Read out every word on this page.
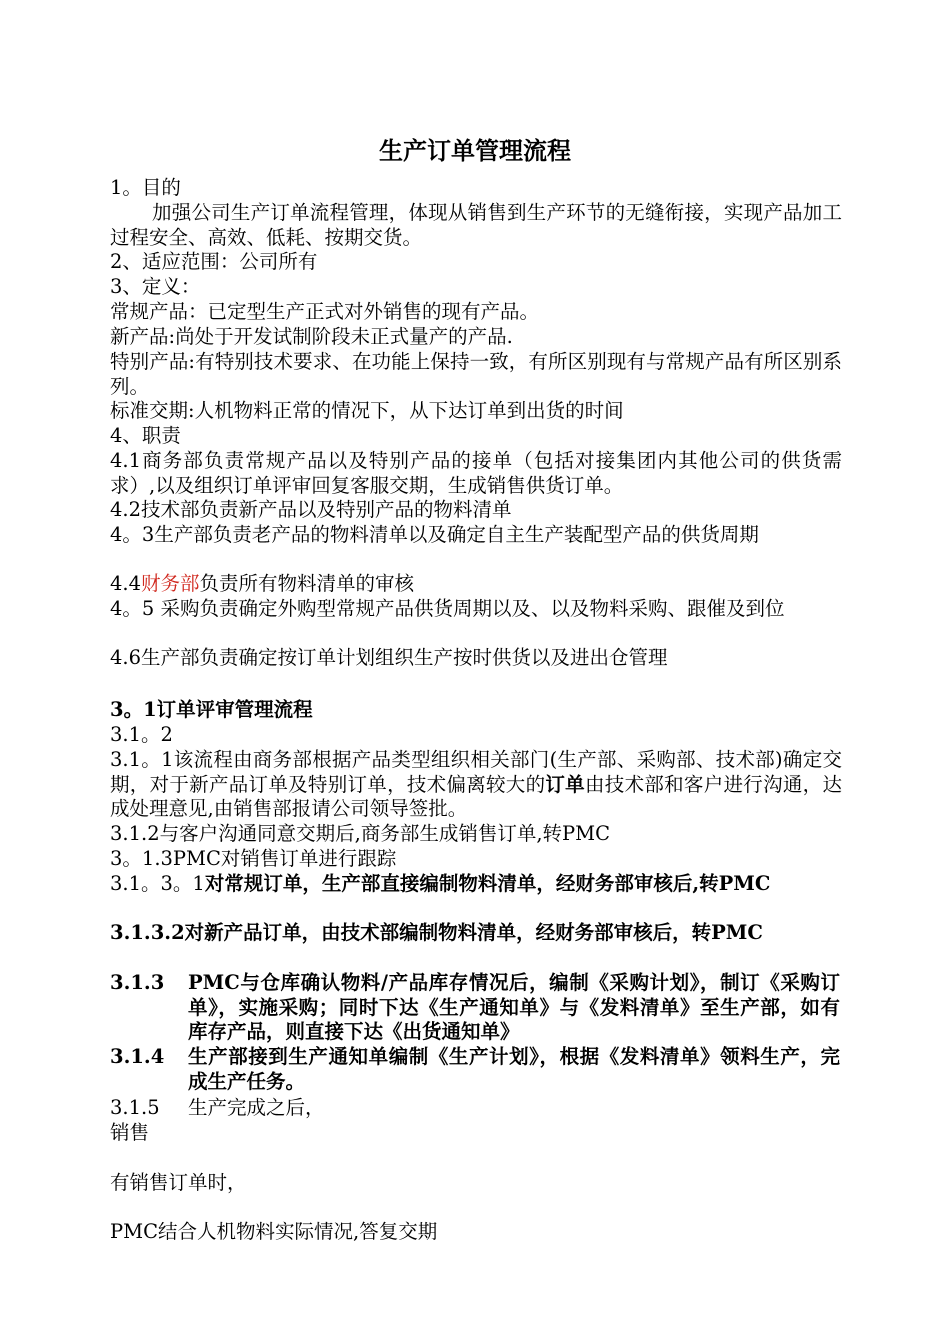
生产订单管理流程
1。目的
加强公司生产订单流程管理，体现从销售到生产环节的无缝衔接，实现产品加工过程安全、高效、低耗、按期交货。
2、适应范围：公司所有
3、定义：
常规产品：已定型生产正式对外销售的现有产品。
新产品:尚处于开发试制阶段未正式量产的产品.
特别产品:有特别技术要求、在功能上保持一致，有所区别现有与常规产品有所区别系列。
标准交期:人机物料正常的情况下，从下达订单到出货的时间
4、职责
4.1商务部负责常规产品以及特别产品的接单（包括对接集团内其他公司的供货需求）,以及组织订单评审回复客服交期，生成销售供货订单。
4.2技术部负责新产品以及特别产品的物料清单
4。3生产部负责老产品的物料清单以及确定自主生产装配型产品的供货周期
4.4财务部负责所有物料清单的审核
4。5 采购负责确定外购型常规产品供货周期以及、以及物料采购、跟催及到位
4.6生产部负责确定按订单计划组织生产按时供货以及进出仓管理
3。1订单评审管理流程
3.1。2
3.1。1该流程由商务部根据产品类型组织相关部门(生产部、采购部、技术部)确定交期，对于新产品订单及特别订单，技术偏离较大的订单由技术部和客户进行沟通，达成处理意见,由销售部报请公司领导签批。
3.1.2与客户沟通同意交期后,商务部生成销售订单,转PMC
3。1.3PMC对销售订单进行跟踪
3.1。3。1对常规订单，生产部直接编制物料清单，经财务部审核后,转PMC
3.1.3.2对新产品订单，由技术部编制物料清单，经财务部审核后，转PMC
3.1.3 PMC与仓库确认物料/产品库存情况后，编制《采购计划》，制订《采购订单》，实施采购；同时下达《生产通知单》与《发料清单》至生产部，如有库存产品，则直接下达《出货通知单》
3.1.4 生产部接到生产通知单编制《生产计划》，根据《发料清单》领料生产，完成生产任务。
3.1.5 生产完成之后，
销售
有销售订单时，
PMC结合人机物料实际情况,答复交期
